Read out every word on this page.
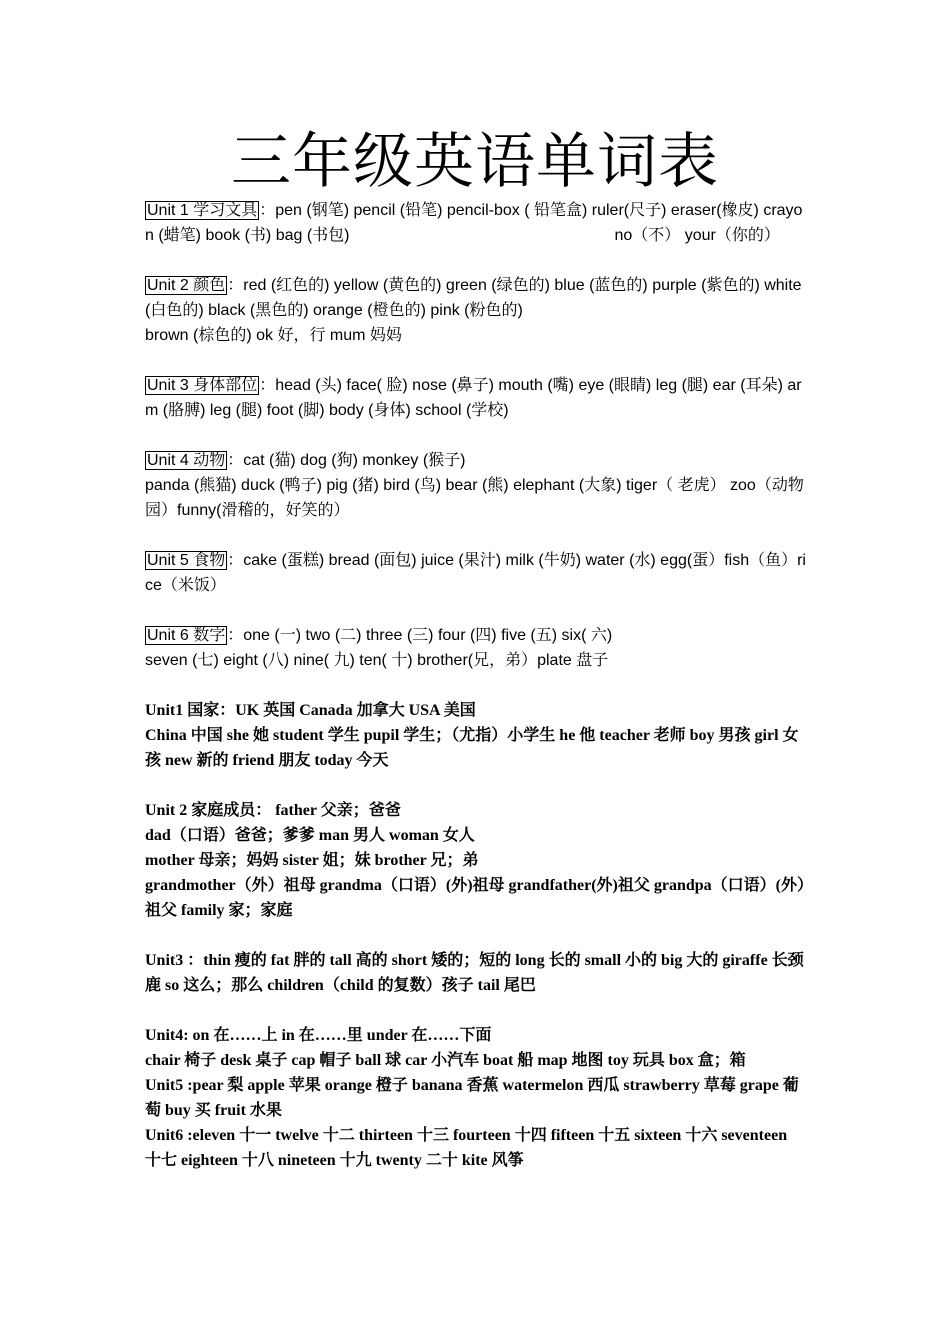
三年级英语单词表

Unit 1 学习文具 ：pen (钢笔) pencil (铅笔) pencil-box ( 铅笔盒) ruler(尺子) eraser(橡皮) crayon (蜡笔) book (书) bag (书包)	no（不） your（你的）

Unit 2 颜色 ：red (红色的) yellow (黄色的) green (绿色的) blue (蓝色的) purple (紫色的) white (白色的) black (黑色的) orange (橙色的) pink (粉色的)

brown (棕色的) ok 好，行 mum 妈妈

Unit 3 身体部位 ：head (头) face( 脸) nose (鼻子) mouth (嘴) eye (眼睛) leg (腿) ear (耳朵) arm (胳膊) leg (腿) foot (脚) body (身体) school (学校)

Unit 4 动物 ：cat (猫) dog (狗) monkey (猴子)

panda (熊猫) duck (鸭子) pig (猪) bird (鸟) bear (熊) elephant (大象) tiger（ 老虎） zoo（动物园）funny(滑稽的，好笑的）

Unit 5 食物 ：cake (蛋糕) bread (面包) juice (果汁) milk (牛奶) water (水) egg(蛋）fish（鱼）rice（米饭）

Unit 6 数字 ：one (一) two (二) three (三) four (四) five (五) six( 六)

seven (七) eight (八) nine( 九) ten( 十) brother(兄，弟）plate 盘子

Unit1 国家：UK 英国 Canada 加拿大 USA 美国

China 中国 she 她 student 学生 pupil 学生；（尤指）小学生 he 他 teacher 老师 boy 男孩 girl 女孩 new 新的 friend 朋友 today 今天

Unit 2 家庭成员： father 父亲；爸爸

dad（口语）爸爸；爹爹 man 男人 woman 女人

mother 母亲；妈妈 sister 姐；妹 brother 兄；弟

grandmother（外）祖母 grandma（口语）(外)祖母 grandfather(外)祖父 grandpa（口语）(外）祖父 family 家；家庭

Unit3 ：thin 瘦的 fat 胖的 tall 高的 short 矮的；短的 long 长的 small 小的 big 大的 giraffe 长颈鹿 so 这么；那么 children（child 的复数）孩子 tail 尾巴

Unit4: on 在……上 in 在……里 under 在……下面

chair 椅子 desk 桌子 cap 帽子 ball 球 car 小汽车 boat 船 map 地图 toy 玩具 box 盒；箱

Unit5 :pear 梨 apple 苹果 orange 橙子 banana 香蕉 watermelon 西瓜 strawberry 草莓 grape 葡萄 buy 买 fruit 水果

Unit6 :eleven 十一 twelve 十二 thirteen 十三 fourteen 十四 fifteen 十五 sixteen 十六 seventeen 十七 eighteen 十八 nineteen 十九 twenty 二十 kite 风筝
